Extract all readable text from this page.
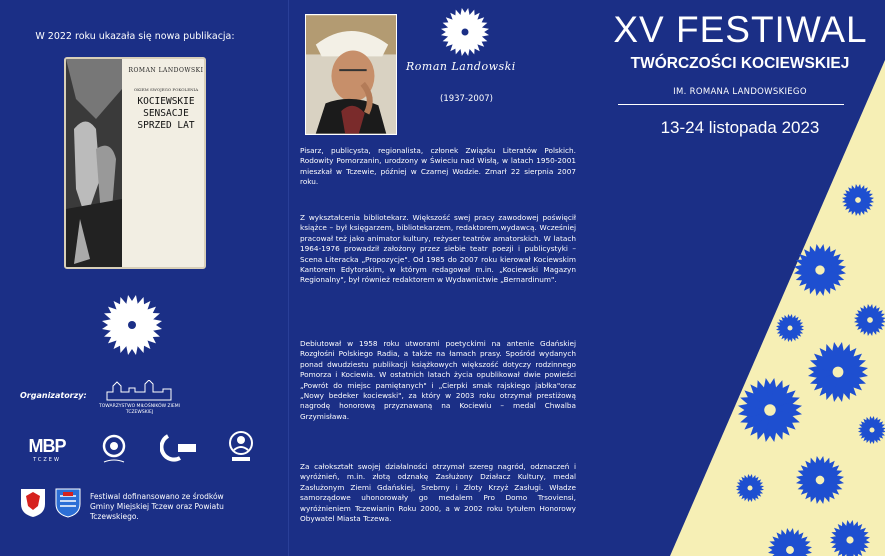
W 2022 roku ukazała się nowa publikacja:
ROMAN LANDOWSKI
OKIEM SWOJEGO POKOLENIA
KOCIEWSKIE
SENSACJE
SPRZED LAT
Organizatorzy:
TOWARZYSTWO MIŁOŚNIKÓW ZIEMI TCZEWSKIEJ
MBP
TCZEW
Festiwal dofinansowano ze środków Gminy Miejskiej Tczew oraz Powiatu Tczewskiego.
Roman Landowski
(1937-2007)

Pisarz, publicysta, regionalista, członek Związku Literatów Polskich. Rodowity Pomorzanin, urodzony w Świeciu nad Wisłą, w latach 1950-2001 mieszkał w Tczewie, później w Czarnej Wodzie. Zmarł 22 sierpnia 2007 roku.

Z wykształcenia bibliotekarz. Większość swej pracy zawodowej poświęcił książce – był księgarzem, bibliotekarzem, redaktorem,wydawcą. Wcześniej pracował też jako animator kultury, reżyser teatrów amatorskich. W latach 1964-1976 prowadził założony przez siebie teatr poezji i publicystyki – Scena Literacka „Propozycje". Od 1985 do 2007 roku kierował Kociewskim Kantorem Edytorskim, w którym redagował m.in. „Kociewski Magazyn Regionalny", był również redaktorem w Wydawnictwie „Bernardinum".

Debiutował w 1958 roku utworami poetyckimi na antenie Gdańskiej Rozgłośni Polskiego Radia, a także na łamach prasy. Spośród wydanych ponad dwudziestu publikacji książkowych większość dotyczy rodzinnego Pomorza i Kociewia. W ostatnich latach życia opublikował dwie powieści „Powrót do miejsc pamiętanych" i „Cierpki smak rajskiego jabłka"oraz „Nowy bedeker kociewski", za który w 2003 roku otrzymał prestiżową nagrodę honorową przyznawaną na Kociewiu – medal Chwalba Grzymisława.

Za całokształt swojej działalności otrzymał szereg nagród, odznaczeń i wyróżnień, m.in. złotą odznakę Zasłużony Działacz Kultury, medal Zasłużonym Ziemi Gdańskiej, Srebrny i Złoty Krzyż Zasługi. Władze samorządowe uhonorowały go medalem Pro Domo Trsoviensi, wyróżnieniem Tczewianin Roku 2000, a w 2002 roku tytułem Honorowy Obywatel Miasta Tczewa.

XV FESTIWAL
TWÓRCZOŚCI KOCIEWSKIEJ
IM. ROMANA LANDOWSKIEGO
13-24 listopada 2023
